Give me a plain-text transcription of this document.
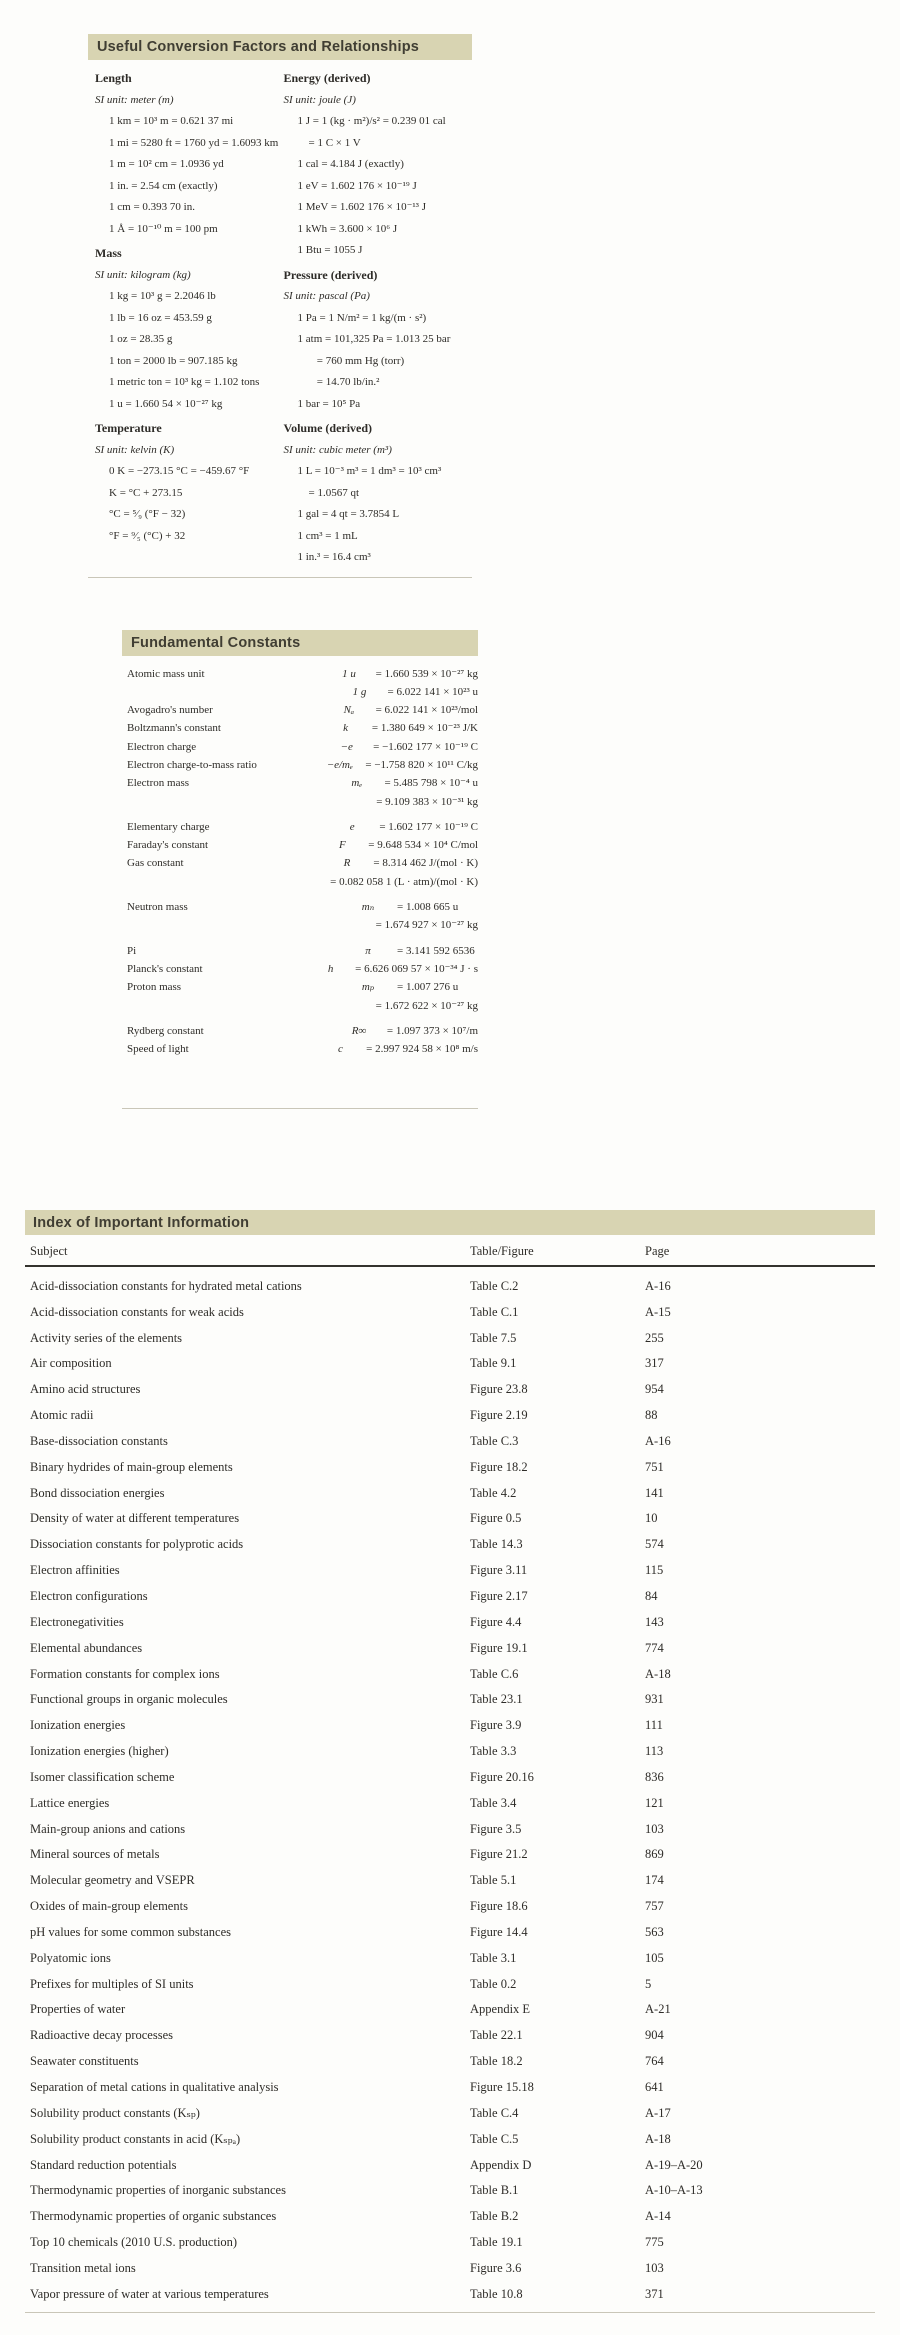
Useful Conversion Factors and Relationships
Length
SI unit: meter (m)
1 km = 10³ m = 0.621 37 mi
1 mi = 5280 ft = 1760 yd = 1.6093 km
1 m = 10² cm = 1.0936 yd
1 in. = 2.54 cm (exactly)
1 cm = 0.393 70 in.
1 Å = 10⁻¹⁰ m = 100 pm
Mass
SI unit: kilogram (kg)
1 kg = 10³ g = 2.2046 lb
1 lb = 16 oz = 453.59 g
1 oz = 28.35 g
1 ton = 2000 lb = 907.185 kg
1 metric ton = 10³ kg = 1.102 tons
1 u = 1.660 54 × 10⁻²⁷ kg
Temperature
SI unit: kelvin (K)
0 K = −273.15 °C = −459.67 °F
K = °C + 273.15
°C = ⁵⁄₉ (°F − 32)
°F = ⁹⁄₅ (°C) + 32
Energy (derived)
SI unit: joule (J)
1 J = 1 (kg · m²)/s² = 0.239 01 cal
= 1 C × 1 V
1 cal = 4.184 J (exactly)
1 eV = 1.602 176 × 10⁻¹⁹ J
1 MeV = 1.602 176 × 10⁻¹³ J
1 kWh = 3.600 × 10⁶ J
1 Btu = 1055 J
Pressure (derived)
SI unit: pascal (Pa)
1 Pa = 1 N/m² = 1 kg/(m · s²)
1 atm = 101,325 Pa = 1.013 25 bar
= 760 mm Hg (torr)
= 14.70 lb/in.²
1 bar = 10⁵ Pa
Volume (derived)
SI unit: cubic meter (m³)
1 L = 10⁻³ m³ = 1 dm³ = 10³ cm³
= 1.0567 qt
1 gal = 4 qt = 3.7854 L
1 cm³ = 1 mL
1 in.³ = 16.4 cm³
Fundamental Constants
Atomic mass unit	1 u	= 1.660 539 × 10⁻²⁷ kg
1 g	= 6.022 141 × 10²³ u
Avogadro's number	Nₐ	= 6.022 141 × 10²³/mol
Boltzmann's constant	k	= 1.380 649 × 10⁻²³ J/K
Electron charge	−e	= −1.602 177 × 10⁻¹⁹ C
Electron charge-to-mass ratio	−e/mₑ	= −1.758 820 × 10¹¹ C/kg
Electron mass	mₑ	= 5.485 798 × 10⁻⁴ u
= 9.109 383 × 10⁻³¹ kg
Elementary charge	e	= 1.602 177 × 10⁻¹⁹ C
Faraday's constant	F	= 9.648 534 × 10⁴ C/mol
Gas constant	R	= 8.314 462 J/(mol · K)
= 0.082 058 1 (L · atm)/(mol · K)
Neutron mass	mₙ	= 1.008 665 u
= 1.674 927 × 10⁻²⁷ kg
Pi	π	= 3.141 592 6536
Planck's constant	h	= 6.626 069 57 × 10⁻³⁴ J · s
Proton mass	mₚ	= 1.007 276 u
= 1.672 622 × 10⁻²⁷ kg
Rydberg constant	R∞	= 1.097 373 × 10⁷/m
Speed of light	c	= 2.997 924 58 × 10⁸ m/s
Index of Important Information
Subject	Table/Figure	Page
Acid-dissociation constants for hydrated metal cations	Table C.2	A-16
Acid-dissociation constants for weak acids	Table C.1	A-15
Activity series of the elements	Table 7.5	255
Air composition	Table 9.1	317
Amino acid structures	Figure 23.8	954
Atomic radii	Figure 2.19	88
Base-dissociation constants	Table C.3	A-16
Binary hydrides of main-group elements	Figure 18.2	751
Bond dissociation energies	Table 4.2	141
Density of water at different temperatures	Figure 0.5	10
Dissociation constants for polyprotic acids	Table 14.3	574
Electron affinities	Figure 3.11	115
Electron configurations	Figure 2.17	84
Electronegativities	Figure 4.4	143
Elemental abundances	Figure 19.1	774
Formation constants for complex ions	Table C.6	A-18
Functional groups in organic molecules	Table 23.1	931
Ionization energies	Figure 3.9	111
Ionization energies (higher)	Table 3.3	113
Isomer classification scheme	Figure 20.16	836
Lattice energies	Table 3.4	121
Main-group anions and cations	Figure 3.5	103
Mineral sources of metals	Figure 21.2	869
Molecular geometry and VSEPR	Table 5.1	174
Oxides of main-group elements	Figure 18.6	757
pH values for some common substances	Figure 14.4	563
Polyatomic ions	Table 3.1	105
Prefixes for multiples of SI units	Table 0.2	5
Properties of water	Appendix E	A-21
Radioactive decay processes	Table 22.1	904
Seawater constituents	Table 18.2	764
Separation of metal cations in qualitative analysis	Figure 15.18	641
Solubility product constants (Kₛₚ)	Table C.4	A-17
Solubility product constants in acid (Kₛₚₐ)	Table C.5	A-18
Standard reduction potentials	Appendix D	A-19–A-20
Thermodynamic properties of inorganic substances	Table B.1	A-10–A-13
Thermodynamic properties of organic substances	Table B.2	A-14
Top 10 chemicals (2010 U.S. production)	Table 19.1	775
Transition metal ions	Figure 3.6	103
Vapor pressure of water at various temperatures	Table 10.8	371
